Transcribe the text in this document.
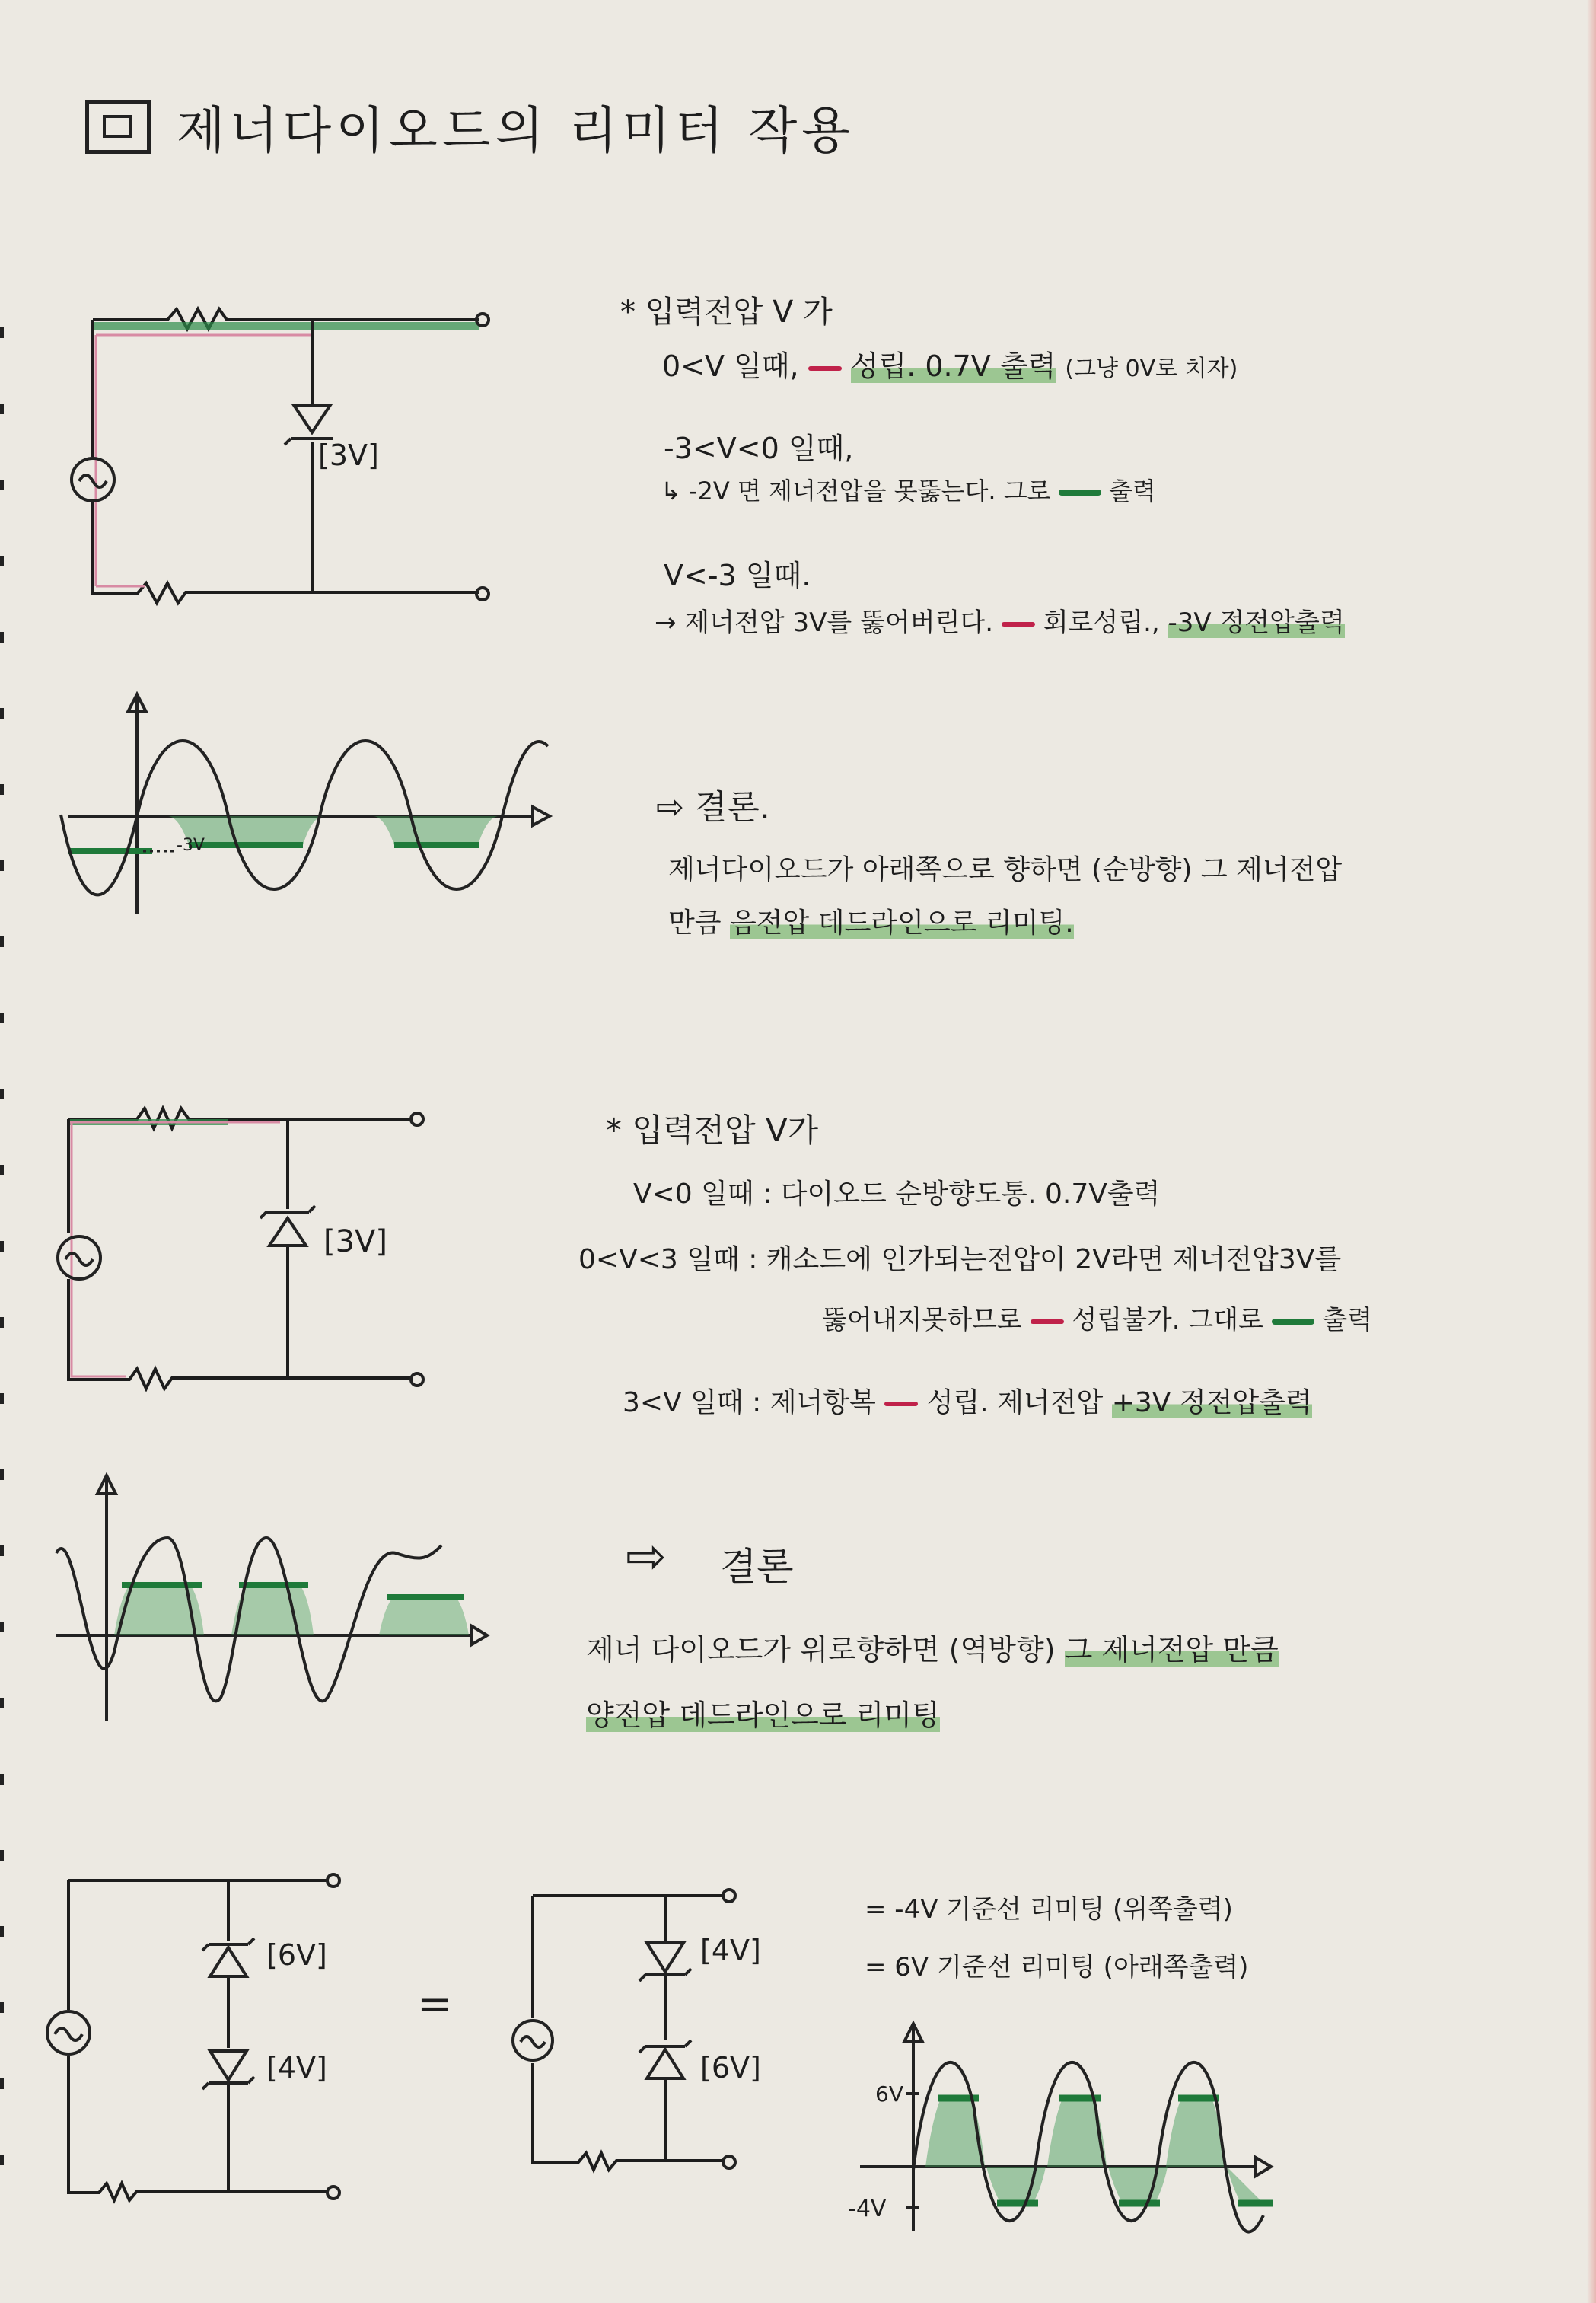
제너다이오드의 리미터 작용
[3V]
* 입력전압 V 가
0<V 일때, 성립. 0.7V 출력 (그냥 0V로 치자)
-3<V<0 일때,
↳ -2V 면 제너전압을 못뚫는다. 그로 출력
V<-3 일때.
→ 제너전압 3V를 뚫어버린다. 회로성립., -3V 정전압출력
-3V
⇨ 결론.
제너다이오드가 아래쪽으로 향하면 (순방향) 그 제너전압
만큼 음전압 데드라인으로 리미팅.
[3V]
* 입력전압 V가
V<0 일때 : 다이오드 순방향도통. 0.7V출력
0<V<3 일때 : 캐소드에 인가되는전압이 2V라면 제너전압3V를
뚫어내지못하므로 성립불가. 그대로 출력
3<V 일때 : 제너항복 성립. 제너전압 +3V 정전압출력
⇨ 결론
제너 다이오드가 위로향하면 (역방향) 그 제너전압 만큼
양전압 데드라인으로 리미팅
[6V]
[4V]
=
[4V]
[6V]
= -4V 기준선 리미팅 (위쪽출력)
= 6V 기준선 리미팅 (아래쪽출력)
6V
-4V
